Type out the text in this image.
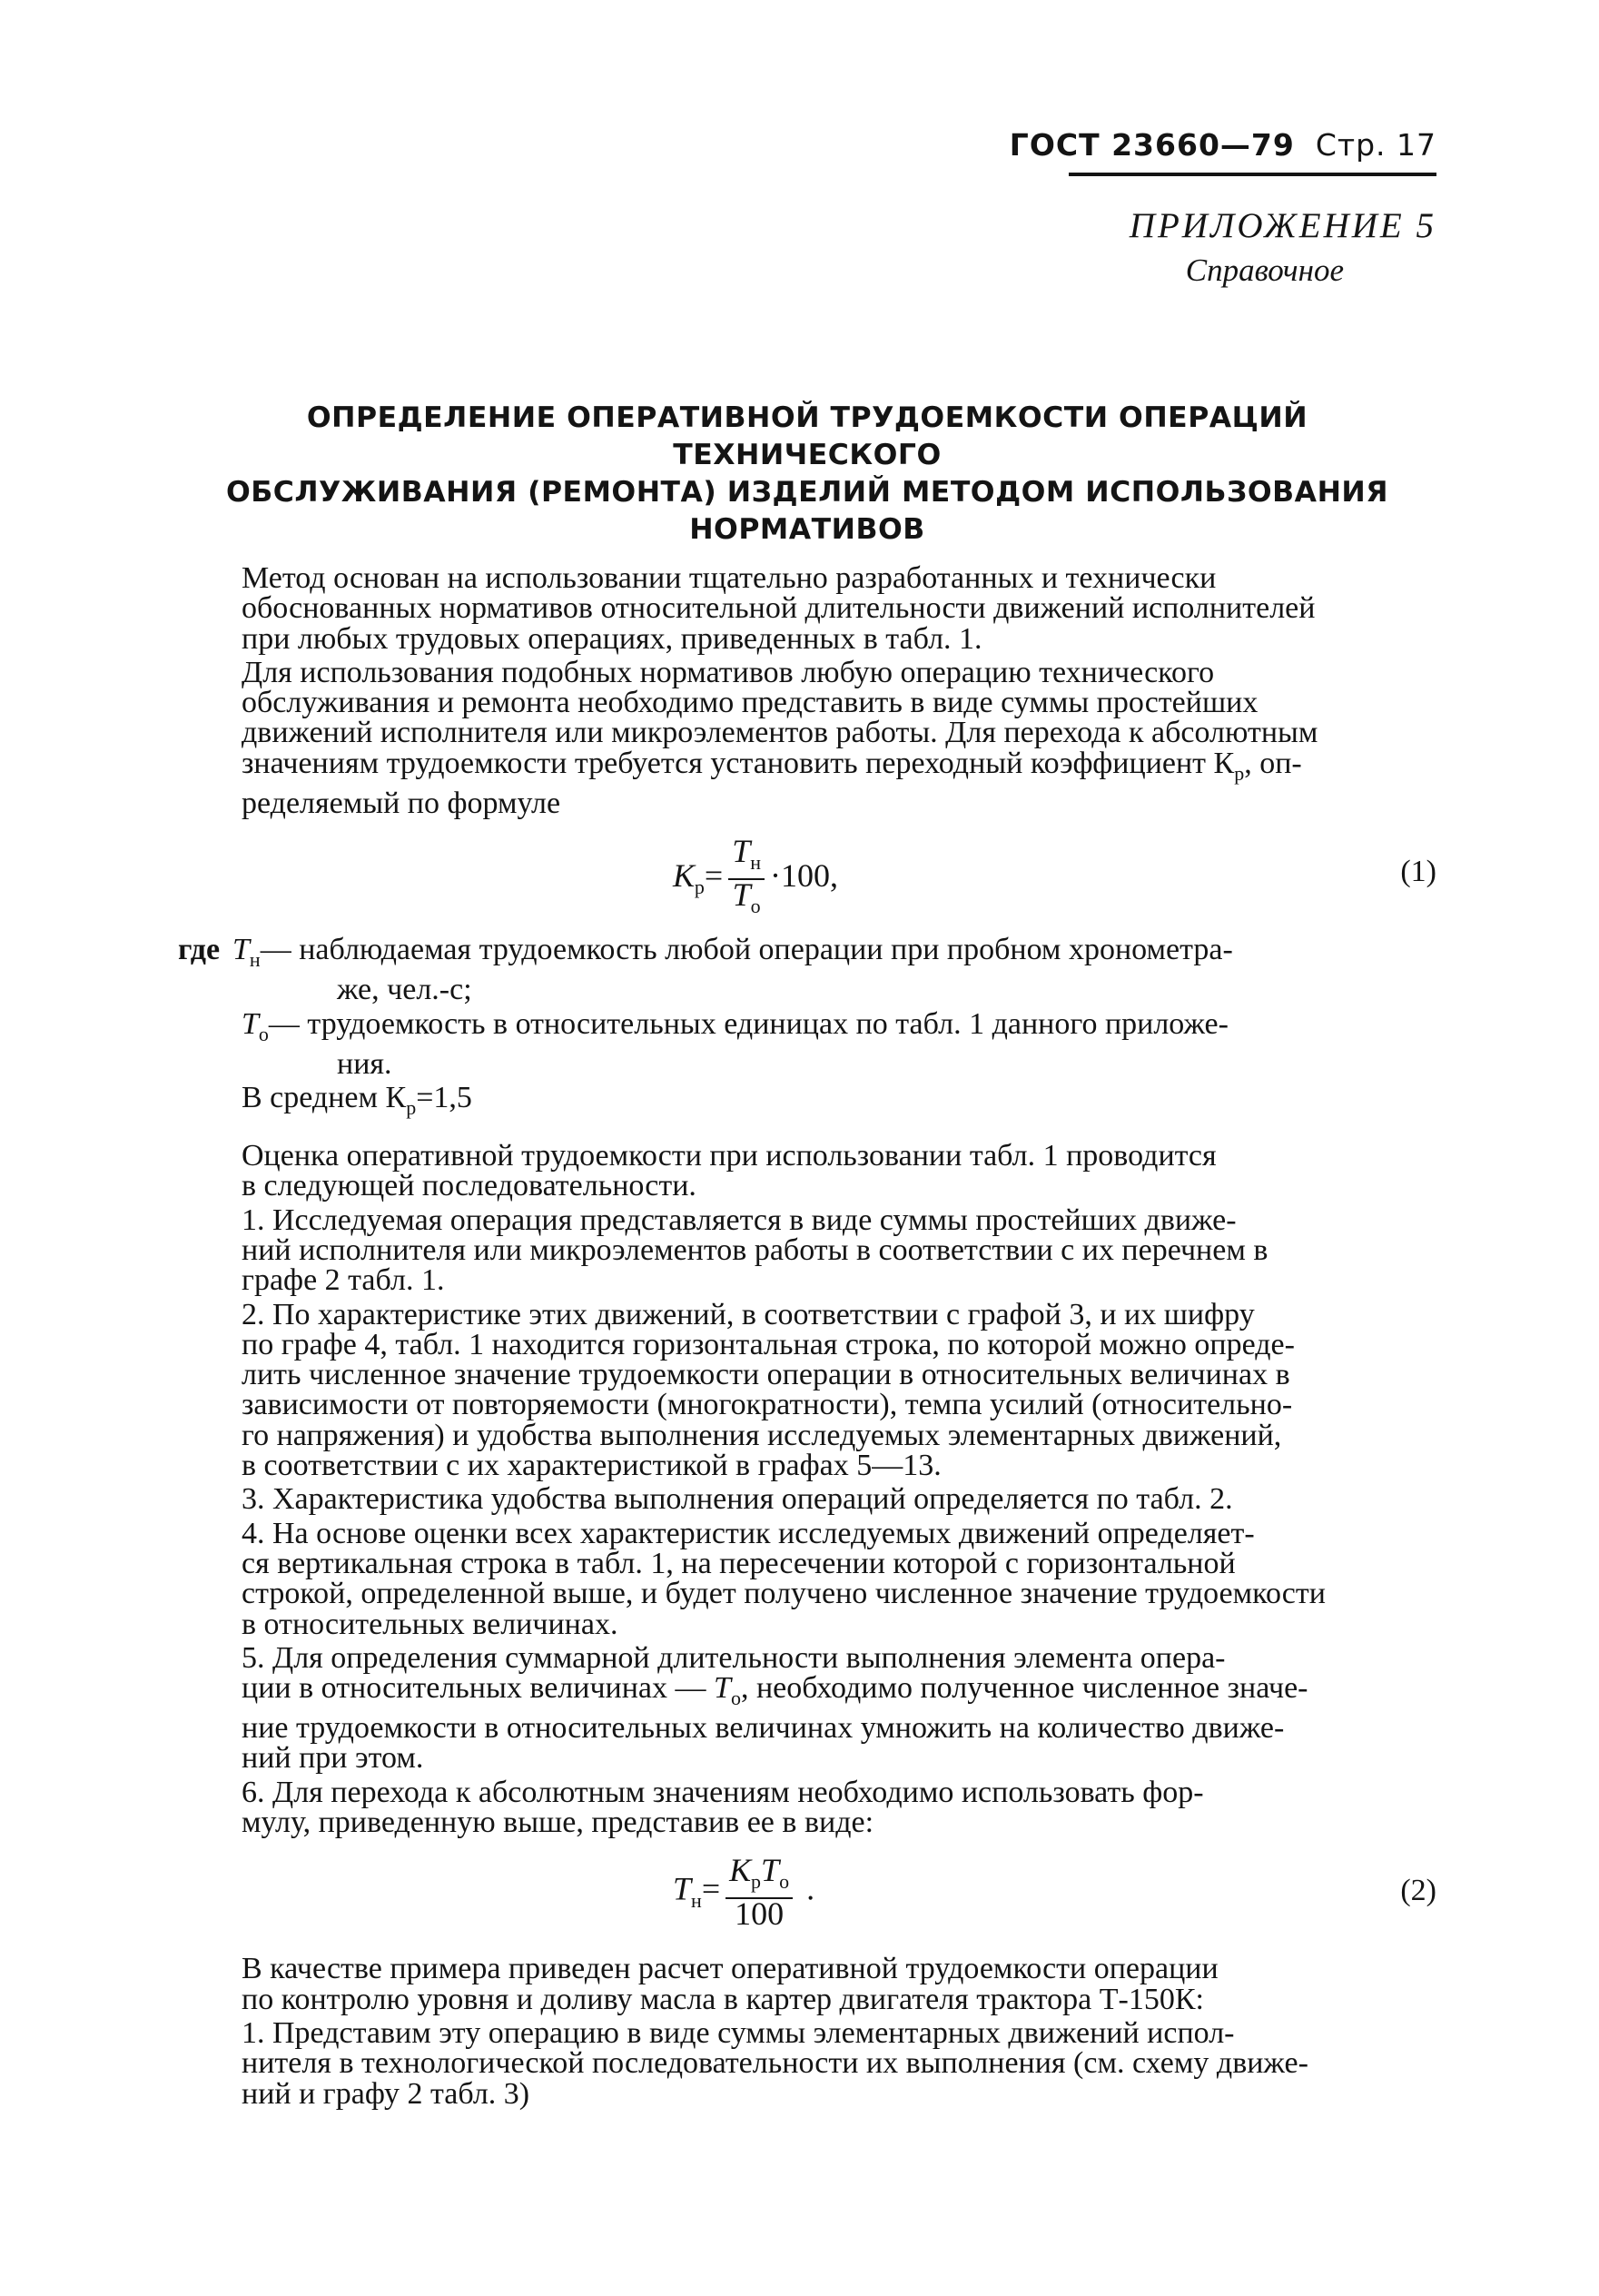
ГОСТ 23660—79 Стр. 17
ПРИЛОЖЕНИЕ 5
Справочное
ОПРЕДЕЛЕНИЕ ОПЕРАТИВНОЙ ТРУДОЕМКОСТИ ОПЕРАЦИЙ ТЕХНИЧЕСКОГО
ОБСЛУЖИВАНИЯ (РЕМОНТА) ИЗДЕЛИЙ МЕТОДОМ ИСПОЛЬЗОВАНИЯ
НОРМАТИВОВ
Метод основан на использовании тщательно разработанных и технически
обоснованных нормативов относительной длительности движений исполнителей
при любых трудовых операциях, приведенных в табл. 1.
Для использования подобных нормативов любую операцию технического
обслуживания и ремонта необходимо представить в виде суммы простейших
движений исполнителя или микроэлементов работы. Для перехода к абсолютным
значениям трудоемкости требуется установить переходный коэффициент $К_р$, оп-
ределяемый по формуле
$К_р= \frac{Т_н}{Т_о} \cdot 100$,	(1)
где $Т_н—$ наблюдаемая трудоемкость любой операции при пробном хронометра-
же, чел.-с;
$Т_о—$ трудоемкость в относительных единицах по табл. 1 данного приложе-
ния.
В среднем $К_р=1,5$
Оценка оперативной трудоемкости при использовании табл. 1 проводится
в следующей последовательности.
1. Исследуемая операция представляется в виде суммы простейших движе-
ний исполнителя или микроэлементов работы в соответствии с их перечнем в
графе 2 табл. 1.
2. По характеристике этих движений, в соответствии с графой 3, и их шифру
по графе 4, табл. 1 находится горизонтальная строка, по которой можно опреде-
лить численное значение трудоемкости операции в относительных величинах в
зависимости от повторяемости (многократности), темпа усилий (относительно-
го напряжения) и удобства выполнения исследуемых элементарных движений,
в соответствии с их характеристикой в графах 5—13.
3. Характеристика удобства выполнения операций определяется по табл. 2.
4. На основе оценки всех характеристик исследуемых движений определяет-
ся вертикальная строка в табл. 1, на пересечении которой с горизонтальной
строкой, определенной выше, и будет получено численное значение трудоемкости
в относительных величинах.
5. Для определения суммарной длительности выполнения элемента опера-
ции в относительных величинах — $Т_о$, необходимо полученное численное значе-
ние трудоемкости в относительных величинах умножить на количество движе-
ний при этом.
6. Для перехода к абсолютным значениям необходимо использовать фор-
мулу, приведенную выше, представив ее в виде:
$Т_н= \frac{К_рТ_о}{100}$ .	(2)
В качестве примера приведен расчет оперативной трудоемкости операции
по контролю уровня и доливу масла в картер двигателя трактора Т-150К:
1. Представим эту операцию в виде суммы элементарных движений испол-
нителя в технологической последовательности их выполнения (см. схему движе-
ний и графу 2 табл. 3)
